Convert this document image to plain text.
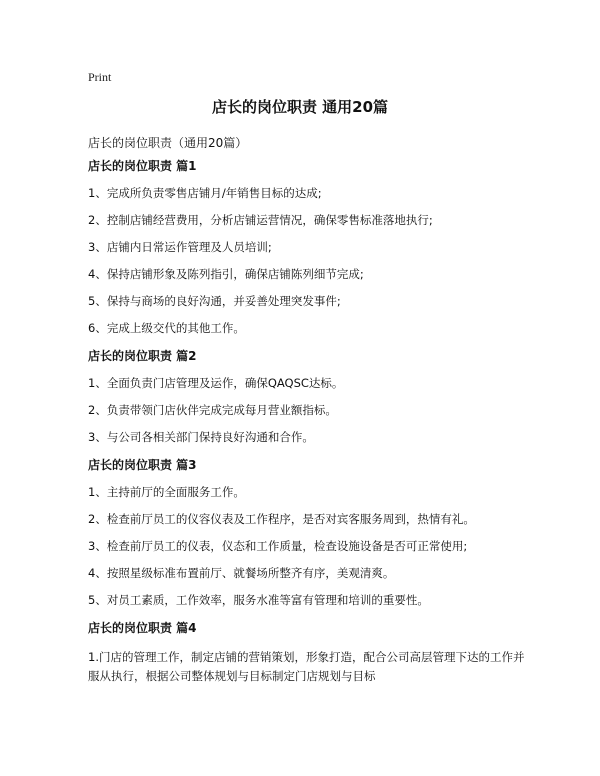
Print
店长的岗位职责 通用20篇
店长的岗位职责（通用20篇）
店长的岗位职责 篇1

1、完成所负责零售店铺月/年销售目标的达成;

2、控制店铺经营费用，分析店铺运营情况，确保零售标准落地执行;

3、店铺内日常运作管理及人员培训;

4、保持店铺形象及陈列指引，确保店铺陈列细节完成;

5、保持与商场的良好沟通，并妥善处理突发事件;

6、完成上级交代的其他工作。

店长的岗位职责 篇2

1、全面负责门店管理及运作，确保QAQSC达标。

2、负责带领门店伙伴完成完成每月营业额指标。

3、与公司各相关部门保持良好沟通和合作。

店长的岗位职责 篇3

1、主持前厅的全面服务工作。

2、检查前厅员工的仪容仪表及工作程序，是否对宾客服务周到，热情有礼。

3、检查前厅员工的仪表，仪态和工作质量，检查设施设备是否可正常使用;

4、按照星级标准布置前厅、就餐场所整齐有序，美观清爽。

5、对员工素质，工作效率，服务水准等富有管理和培训的重要性。

店长的岗位职责 篇4

1.门店的管理工作，制定店铺的营销策划，形象打造，配合公司高层管理下达的工作并服从执行，根据公司整体规划与目标制定门店规划与目标
